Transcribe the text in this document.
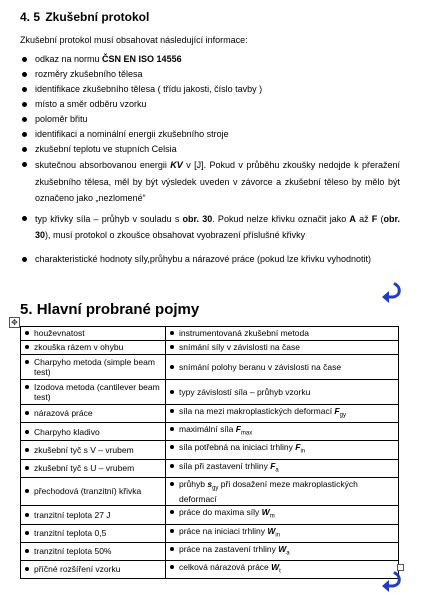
4. 5 Zkušební protokol
Zkušební protokol musí obsahovat následující informace:
odkaz na normu ČSN EN ISO 14556
rozměry zkušebního tělesa
identifikace zkušebního tělesa ( třídu jakosti, číslo tavby )
místo a směr odběru vzorku
poloměr břitu
identifikaci a nominální energii zkušebního stroje
zkušební teplotu ve stupních Celsia
skutečnou absorbovanou energii KV v [J]. Pokud v průběhu zkoušky nedojde k přeražení zkušebního tělesa, měl by být výsledek uveden v závorce a zkušební těleso by mělo být označeno jako „nezlomené“
typ křivky síla – průhyb v souladu s obr. 30. Pokud nelze křivku označit jako A až F (obr. 30), musí protokol o zkoušce obsahovat vyobrazení příslušné křivky
charakteristické hodnoty síly,průhybu a nárazové práce (pokud lze křivku vyhodnotit)
5. Hlavní probrané pojmy
✥
houževnatost	instrumentovaná zkušební metoda

zkouška rázem v ohybu	snímání síly v závislosti na čase

Charpyho metoda (simple beam test)	snímání polohy beranu v závislosti na čase

Izodova metoda (cantilever beam test)	typy závislostí síla – průhyb vzorku

nárazová práce	síla na mezi makroplastických deformací $F_{gy}$

Charpyho kladivo	maximální síla $F_{max}$

zkušební tyč s V – vrubem	síla potřebná na iniciaci trhliny $F_{in}$

zkušební tyč s U – vrubem	síla při zastavení trhliny $F_a$

přechodová (tranzitní) křivka	průhyb $s_{gy}$ při dosažení meze makroplastických deformací

tranzitní teplota 27 J	práce do maxima síly $W_m$

tranzitní teplota 0,5	práce na iniciaci trhliny $W_{in}$

tranzitní teplota 50%	práce na zastavení trhliny $W_a$

příčné rozšíření vzorku	celková nárazová práce $W_t$
